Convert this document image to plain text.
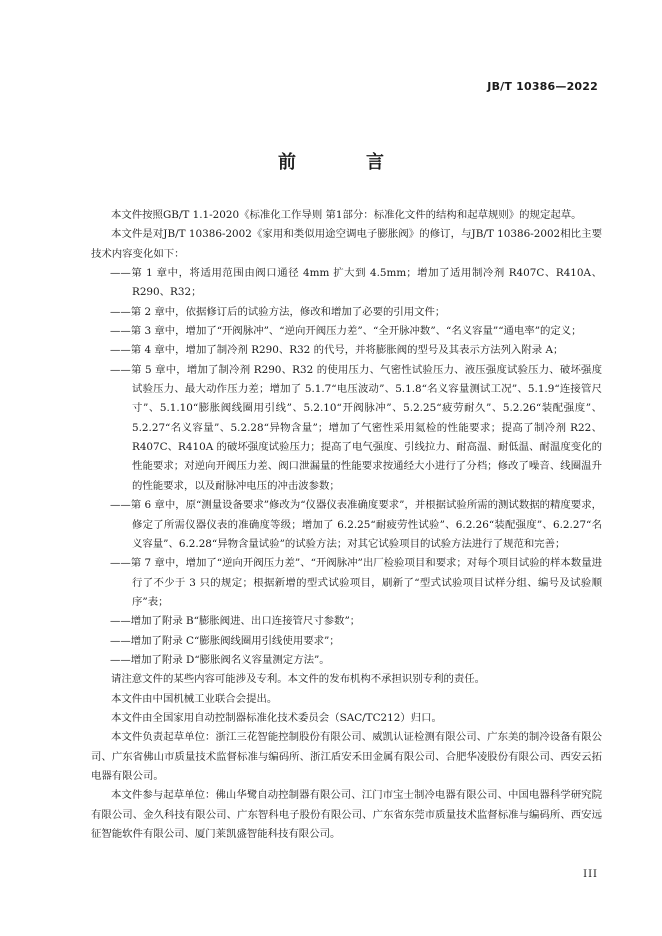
JB/T 10386—2022
前　言

本文件按照GB/T 1.1-2020《标准化工作导则 第1部分：标准化文件的结构和起草规则》的规定起草。

本文件是对JB/T 10386-2002《家用和类似用途空调电子膨胀阀》的修订，与JB/T 10386-2002相比主要技术内容变化如下：

——第 1 章中，将适用范围由阀口通径 4mm 扩大到 4.5mm；增加了适用制冷剂 R407C、R410A、R290、R32；

——第 2 章中，依据修订后的试验方法，修改和增加了必要的引用文件；

——第 3 章中，增加了“开阀脉冲”、“逆向开阀压力差”、“全开脉冲数”、“名义容量”“通电率”的定义；

——第 4 章中，增加了制冷剂 R290、R32 的代号，并将膨胀阀的型号及其表示方法列入附录 A；

——第 5 章中，增加了制冷剂 R290、R32 的使用压力、气密性试验压力、液压强度试验压力、破坏强度试验压力、最大动作压力差；增加了 5.1.7“电压波动”、5.1.8“名义容量测试工况”、5.1.9“连接管尺寸”、5.1.10“膨胀阀线圈用引线”、5.2.10“开阀脉冲”、5.2.25“疲劳耐久”、5.2.26“装配强度”、5.2.27“名义容量”、5.2.28“异物含量”；增加了气密性采用氦检的性能要求；提高了制冷剂 R22、R407C、R410A 的破坏强度试验压力；提高了电气强度、引线拉力、耐高温、耐低温、耐温度变化的性能要求；对逆向开阀压力差、阀口泄漏量的性能要求按通经大小进行了分档；修改了噪音、线圈温升的性能要求，以及耐脉冲电压的冲击波参数；

——第 6 章中，原“测量设备要求”修改为“仪器仪表准确度要求”，并根据试验所需的测试数据的精度要求，修定了所需仪器仪表的准确度等级；增加了 6.2.25“耐疲劳性试验”、6.2.26“装配强度”、6.2.27“名义容量”、6.2.28“异物含量试验”的试验方法；对其它试验项目的试验方法进行了规范和完善；

——第 7 章中，增加了“逆向开阀压力差”、“开阀脉冲”出厂检验项目和要求；对每个项目试验的样本数量进行了不少于 3 只的规定；根据新增的型式试验项目，刷新了“型式试验项目试样分组、编号及试验顺序”表；

——增加了附录 B“膨胀阀进、出口连接管尺寸参数”；

——增加了附录 C“膨胀阀线圈用引线使用要求”；

——增加了附录 D“膨胀阀名义容量测定方法”。

请注意文件的某些内容可能涉及专利。本文件的发布机构不承担识别专利的责任。

本文件由中国机械工业联合会提出。

本文件由全国家用自动控制器标准化技术委员会（SAC/TC212）归口。

本文件负责起草单位：浙江三花智能控制股份有限公司、威凯认证检测有限公司、广东美的制冷设备有限公司、广东省佛山市质量技术监督标准与编码所、浙江盾安禾田金属有限公司、合肥华凌股份有限公司、西安云拓电器有限公司。

本文件参与起草单位：佛山华鹭自动控制器有限公司、江门市宝士制冷电器有限公司、中国电器科学研究院有限公司、金久科技有限公司、广东智科电子股份有限公司、广东省东莞市质量技术监督标准与编码所、西安远征智能软件有限公司、厦门莱凯盛智能科技有限公司。

III
